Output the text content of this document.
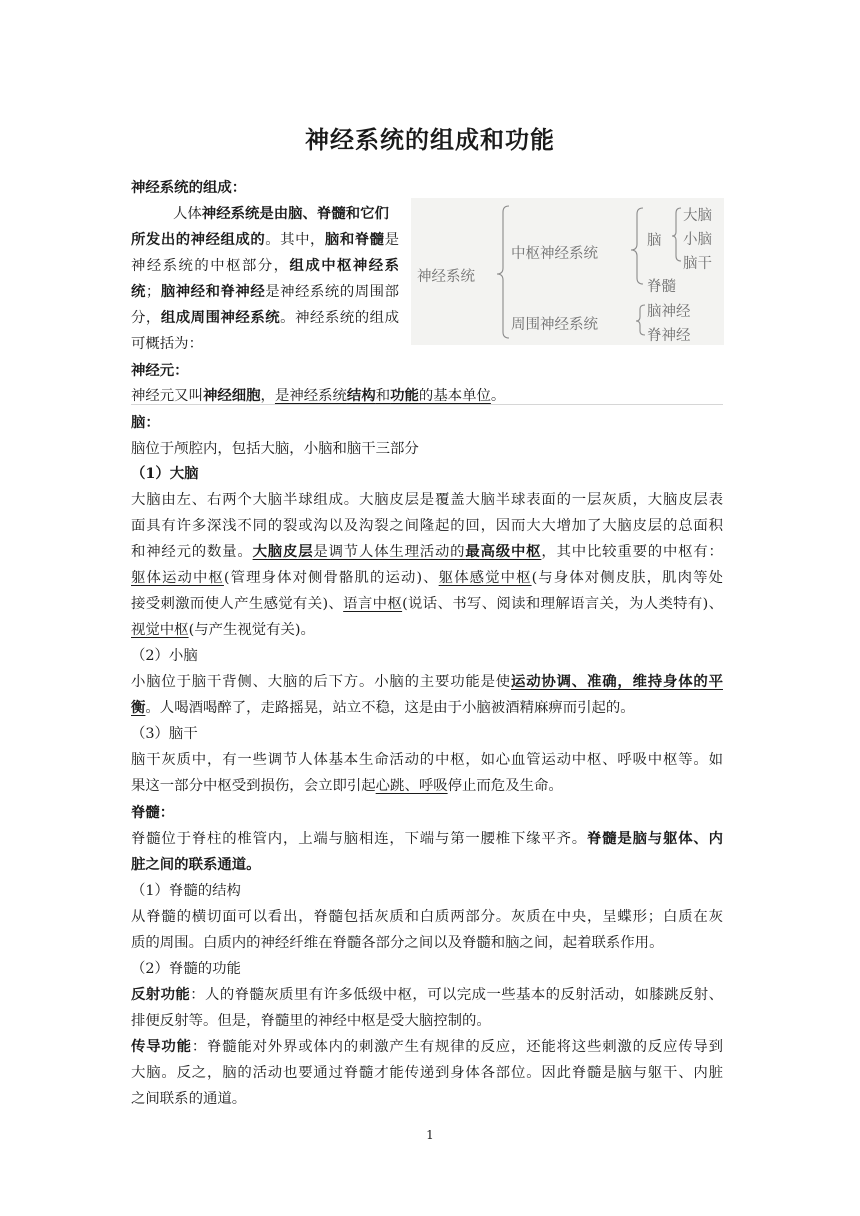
神经系统的组成和功能
神经系统的组成：
人体神经系统是由脑、脊髓和它们
所发出的神经组成的。其中，脑和脊髓是
神经系统的中枢部分，组成中枢神经系
统；脑神经和脊神经是神经系统的周围部
分，组成周围神经系统。神经系统的组成
可概括为：
神经系统
中枢神经系统
周围神经系统
脑
大脑
小脑
脑干
脊髓
脑神经
脊神经
神经元：
神经元又叫神经细胞，是神经系统结构和功能的基本单位。
脑：
脑位于颅腔内，包括大脑，小脑和脑干三部分
（1）大脑
大脑由左、右两个大脑半球组成。大脑皮层是覆盖大脑半球表面的一层灰质，大脑皮层表
面具有许多深浅不同的裂或沟以及沟裂之间隆起的回，因而大大增加了大脑皮层的总面积
和神经元的数量。大脑皮层是调节人体生理活动的最高级中枢，其中比较重要的中枢有：
躯体运动中枢(管理身体对侧骨骼肌的运动)、躯体感觉中枢(与身体对侧皮肤，肌肉等处
接受刺激而使人产生感觉有关)、语言中枢(说话、书写、阅读和理解语言关，为人类特有)、
视觉中枢(与产生视觉有关)。
（2）小脑
小脑位于脑干背侧、大脑的后下方。小脑的主要功能是使运动协调、准确，维持身体的平
衡。人喝酒喝醉了，走路摇晃，站立不稳，这是由于小脑被酒精麻痹而引起的。
（3）脑干
脑干灰质中，有一些调节人体基本生命活动的中枢，如心血管运动中枢、呼吸中枢等。如
果这一部分中枢受到损伤，会立即引起心跳、呼吸停止而危及生命。
脊髓：
脊髓位于脊柱的椎管内，上端与脑相连，下端与第一腰椎下缘平齐。脊髓是脑与躯体、内
脏之间的联系通道。
（1）脊髓的结构
从脊髓的横切面可以看出，脊髓包括灰质和白质两部分。灰质在中央，呈蝶形；白质在灰
质的周围。白质内的神经纤维在脊髓各部分之间以及脊髓和脑之间，起着联系作用。
（2）脊髓的功能
反射功能：人的脊髓灰质里有许多低级中枢，可以完成一些基本的反射活动，如膝跳反射、
排便反射等。但是，脊髓里的神经中枢是受大脑控制的。
传导功能：脊髓能对外界或体内的刺激产生有规律的反应，还能将这些刺激的反应传导到
大脑。反之，脑的活动也要通过脊髓才能传递到身体各部位。因此脊髓是脑与躯干、内脏
之间联系的通道。
1
